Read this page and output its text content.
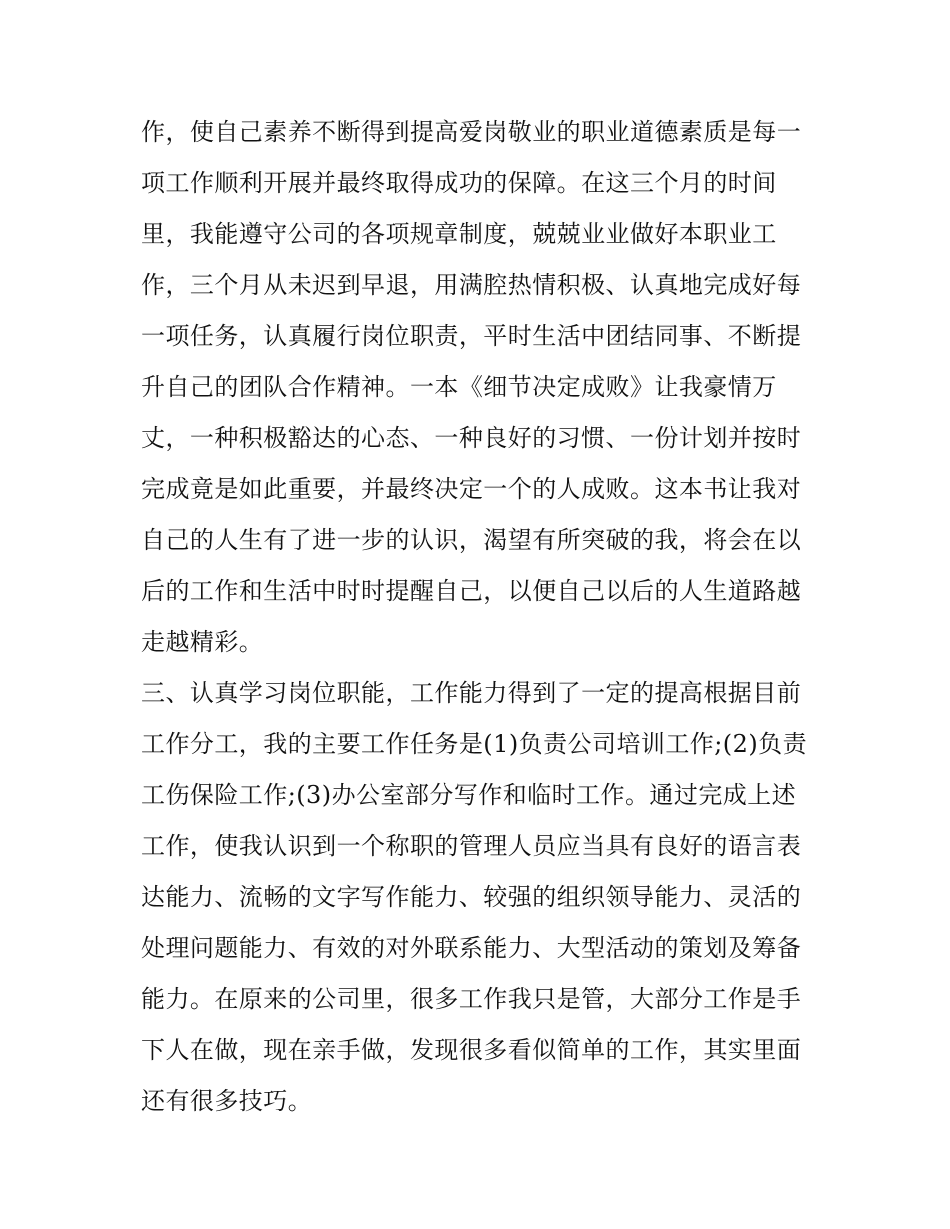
作，使自己素养不断得到提高爱岗敬业的职业道德素质是每一
项工作顺利开展并最终取得成功的保障。在这三个月的时间
里，我能遵守公司的各项规章制度，兢兢业业做好本职业工
作，三个月从未迟到早退，用满腔热情积极、认真地完成好每
一项任务，认真履行岗位职责，平时生活中团结同事、不断提
升自己的团队合作精神。一本《细节决定成败》让我豪情万
丈，一种积极豁达的心态、一种良好的习惯、一份计划并按时
完成竟是如此重要，并最终决定一个的人成败。这本书让我对
自己的人生有了进一步的认识，渴望有所突破的我，将会在以
后的工作和生活中时时提醒自己，以便自己以后的人生道路越
走越精彩。
三、认真学习岗位职能，工作能力得到了一定的提高根据目前
工作分工，我的主要工作任务是(1)负责公司培训工作;(2)负责
工伤保险工作;(3)办公室部分写作和临时工作。通过完成上述
工作，使我认识到一个称职的管理人员应当具有良好的语言表
达能力、流畅的文字写作能力、较强的组织领导能力、灵活的
处理问题能力、有效的对外联系能力、大型活动的策划及筹备
能力。在原来的公司里，很多工作我只是管，大部分工作是手
下人在做，现在亲手做，发现很多看似简单的工作，其实里面
还有很多技巧。
